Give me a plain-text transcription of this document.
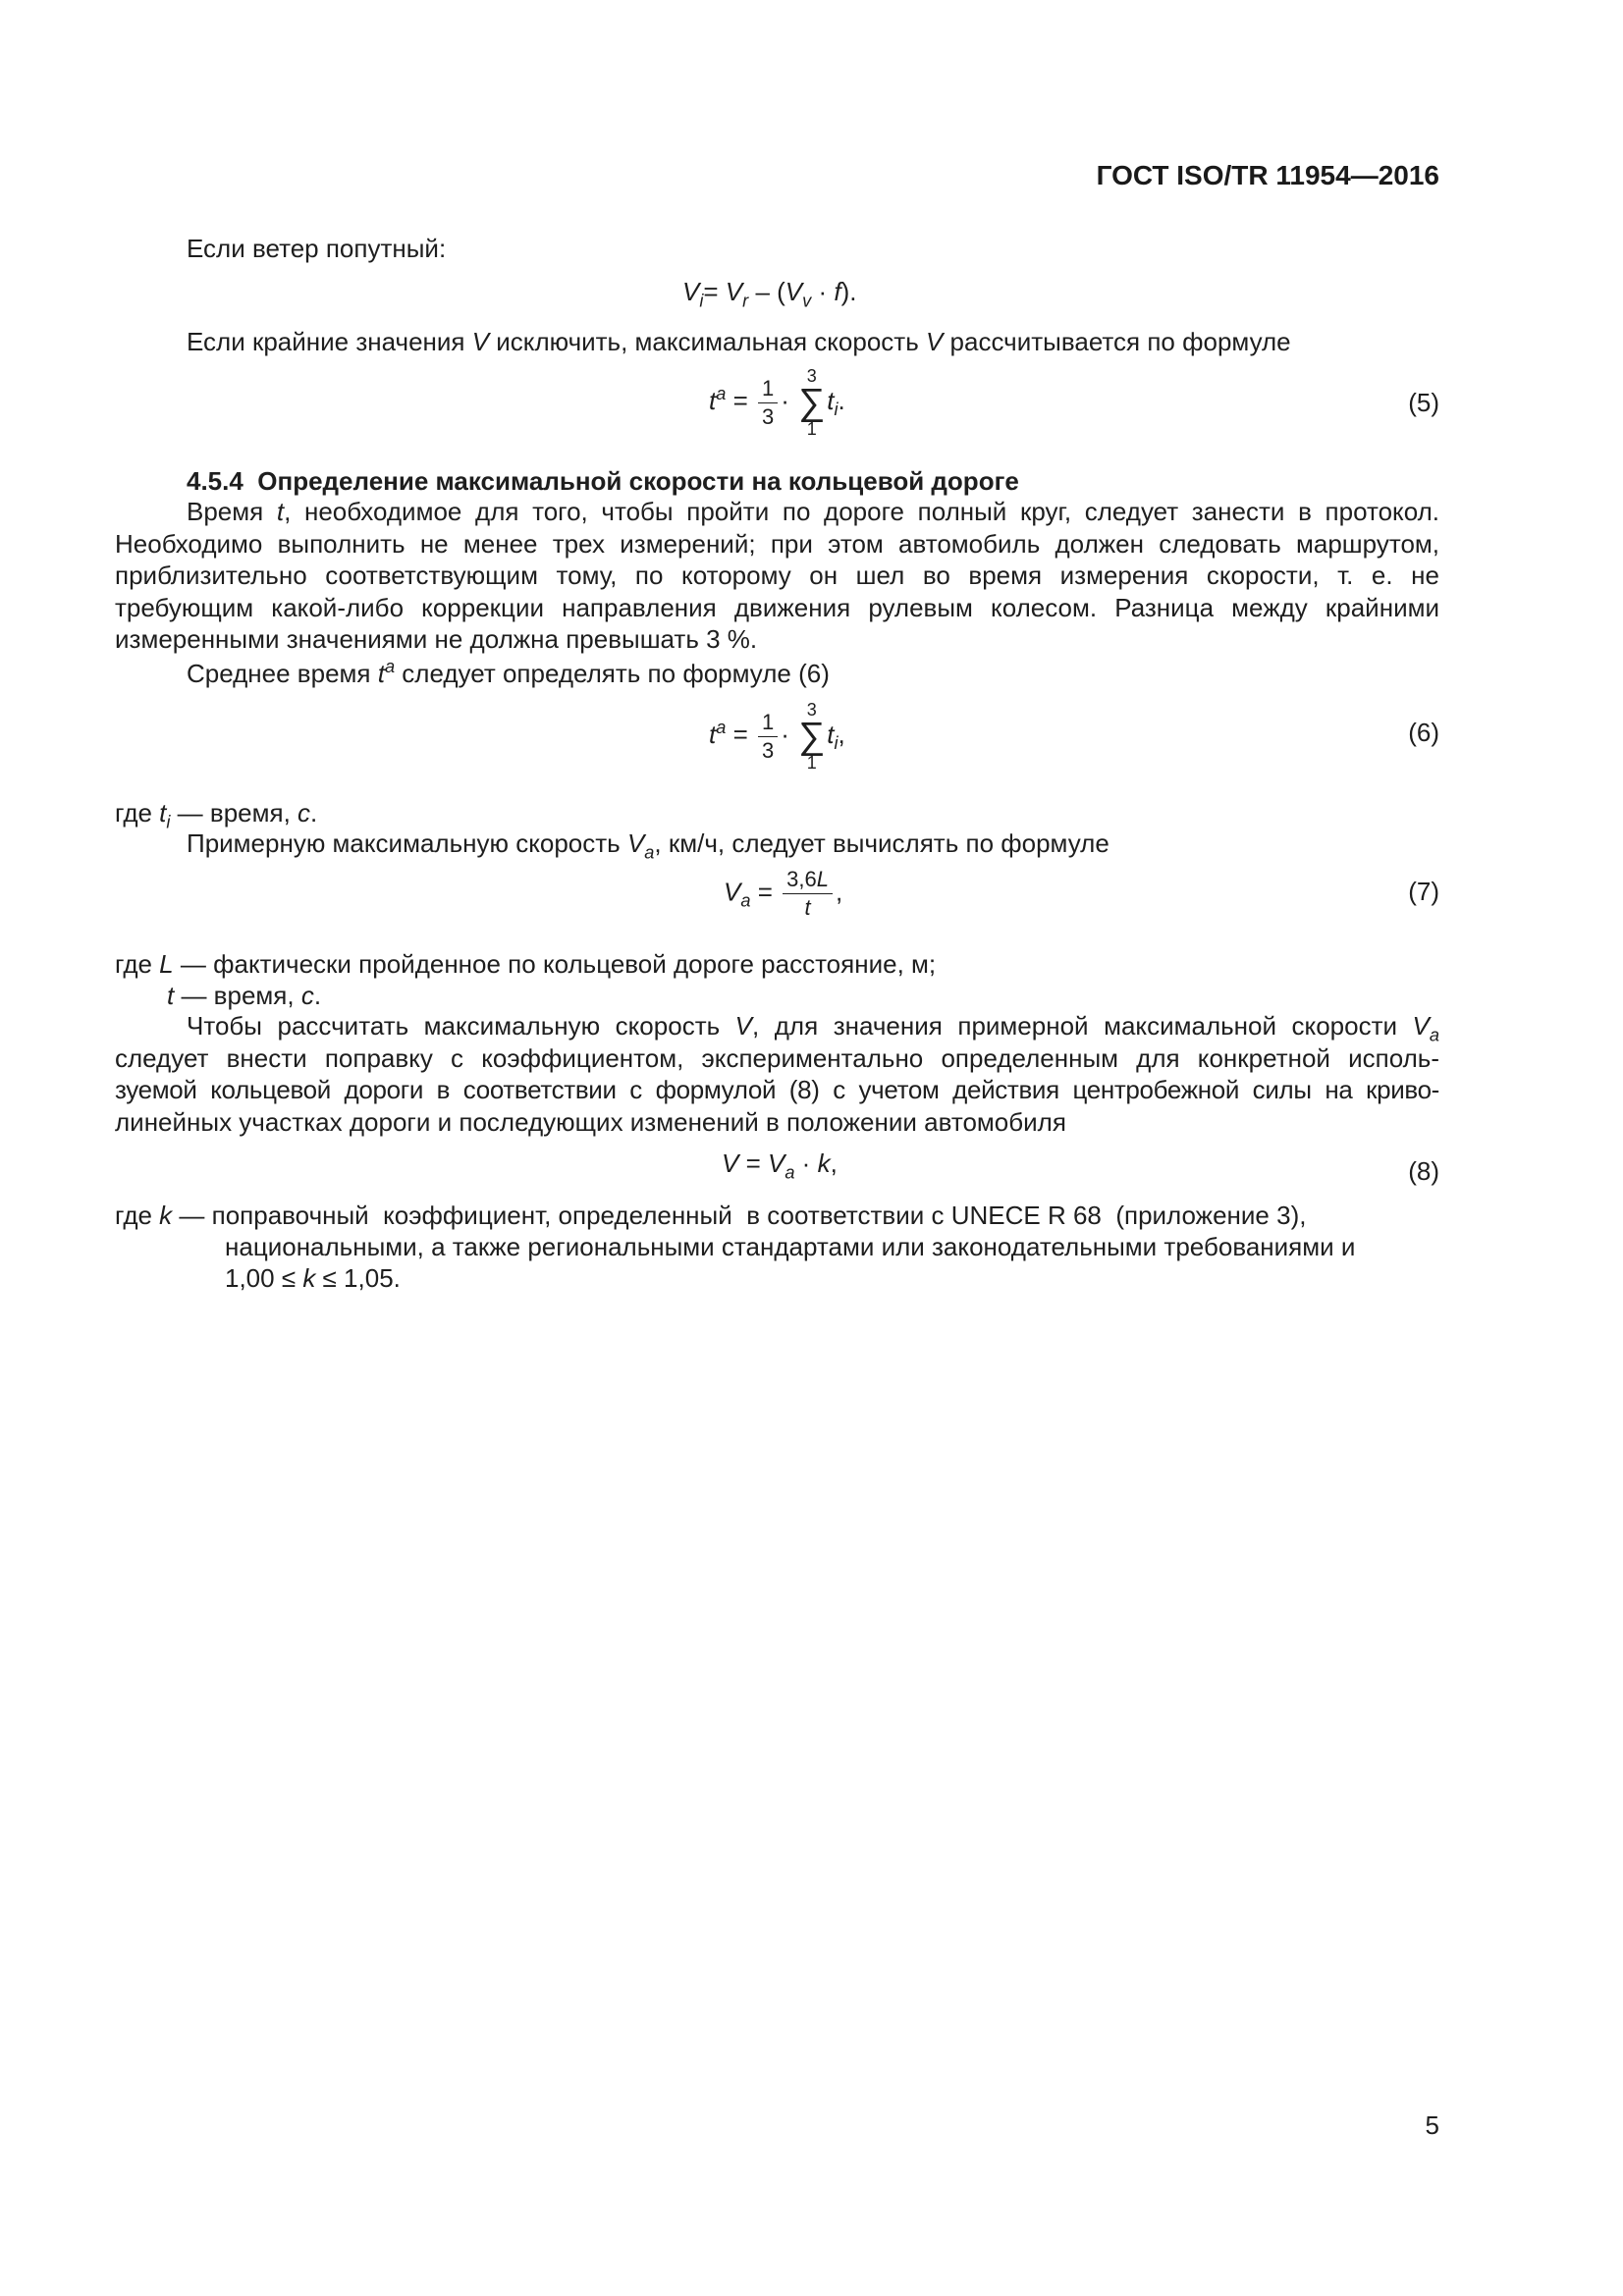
ГОСТ ISO/TR 11954—2016
Если ветер попутный:
$V_i= V_r - (V_v \cdot f)$.
Если крайние значения V исключить, максимальная скорость V рассчитывается по формуле
$t^a = \frac{1}{3}$ ·
3
∑
1
$t_i$.	(5)
4.5.4 Определение максимальной скорости на кольцевой дороге
Время t, необходимое для того, чтобы пройти по дороге полный круг, следует занести в протокол.
Необходимо выполнить не менее трех измерений; при этом автомобиль должен следовать маршрутом,
приблизительно соответствующим тому, по которому он шел во время измерения скорости, т. е. не
требующим какой-либо коррекции направления движения рулевым колесом. Разница между крайними
измеренными значениями не должна превышать 3 %.
Среднее время $t^a$ следует определять по формуле (6)
$t^a = \frac{1}{3}$ ·
3
∑
1
$t_i$,	(6)
где $t_i$ — время, с.
Примерную максимальную скорость $V_a$, км/ч, следует вычислять по формуле
$V_a = \frac{3,6L}{t}$ ,	(7)
где L — фактически пройденное по кольцевой дороге расстояние, м;
t — время, с.
Чтобы рассчитать максимальную скорость V, для значения примерной максимальной скорости $V_a$
следует внести поправку с коэффициентом, экспериментально определенным для конкретной исполь-
зуемой кольцевой дороги в соответствии с формулой (8) с учетом действия центробежной силы на криво-
линейных участках дороги и последующих изменений в положении автомобиля
$V = V_a \cdot k$,	(8)
где k — поправочный  коэффициент, определенный  в соответствии с UNECE R 68  (приложение 3),
национальными, а также региональными стандартами или законодательными требованиями и
1,00 ≤ k ≤ 1,05.
5
